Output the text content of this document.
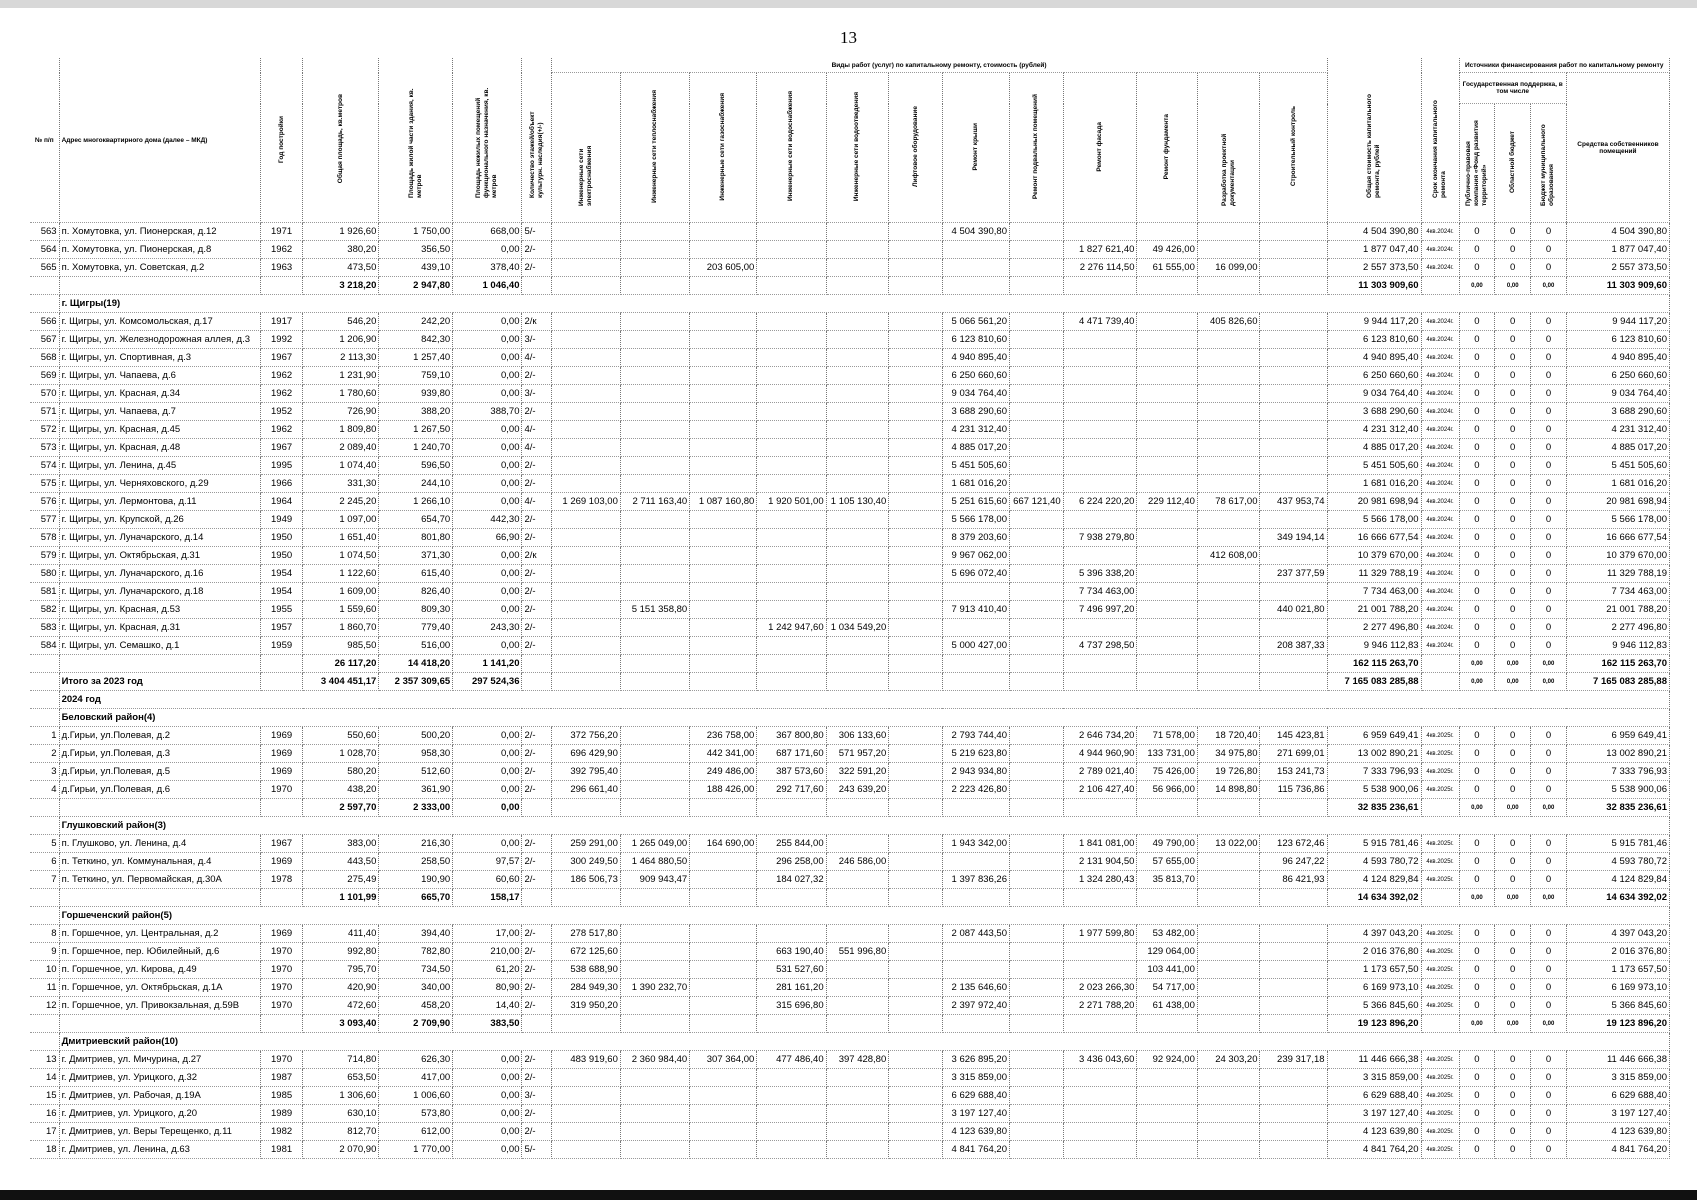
13
№ п/п	Адрес многоквартирного дома (далее – МКД)	Год постройки	Общая площадь, кв.метров	Площадь жилой части здания, кв. метров	Площадь нежилых помещений функционального назначения, кв. метров	Количество этажей/объект культурн. наследия(+/-)	Виды работ (услуг) по капитальному ремонту, стоимость (рублей)												Общая стоимость капитального ремонта, рублей	Срок окончания капитального ремонта	Источники финансирования работ по капитальному ремонту			
							Инженерные сети электроснабжения	Инженерные сети теплоснабжения	Инженерные сети газоснабжения	Инженерные сети водоснабжения	Инженерные сети водоотведения	Лифтовое оборудование	Ремонт крыши	Ремонт подвальных помещений	Ремонт фасада	Ремонт фундамента	Разработка проектной документации	Строительный контроль			Государственная поддержка, в том числе			Средства собственников помещений
																					Публично-правовая компания «Фонд развития территорий»	Областной бюджет	Бюджет муниципального образования	
563	п. Хомутовка, ул. Пионерская, д.12	1971	1 926,60	1 750,00	668,00	5/-							4 504 390,80						4 504 390,80	4кв.2024г.	0	0	0	4 504 390,80
564	п. Хомутовка, ул. Пионерская, д.8	1962	380,20	356,50	0,00	2/-									1 827 621,40	49 426,00			1 877 047,40	4кв.2024г.	0	0	0	1 877 047,40
565	п. Хомутовка, ул. Советская, д.2	1963	473,50	439,10	378,40	2/-			203 605,00						2 276 114,50	61 555,00	16 099,00		2 557 373,50	4кв.2024г.	0	0	0	2 557 373,50
			3 218,20	2 947,80	1 046,40														11 303 909,60		0,00	0,00	0,00	11 303 909,60
	г. Щигры(19)																							
566	г. Щигры, ул. Комсомольская, д.17	1917	546,20	242,20	0,00	2/к							5 066 561,20		4 471 739,40		405 826,60		9 944 117,20	4кв.2024г.	0	0	0	9 944 117,20
567	г. Щигры, ул. Железнодорожная аллея, д.3	1992	1 206,90	842,30	0,00	3/-							6 123 810,60						6 123 810,60	4кв.2024г.	0	0	0	6 123 810,60
568	г. Щигры, ул. Спортивная, д.3	1967	2 113,30	1 257,40	0,00	4/-							4 940 895,40						4 940 895,40	4кв.2024г.	0	0	0	4 940 895,40
569	г. Щигры, ул. Чапаева, д.6	1962	1 231,90	759,10	0,00	2/-							6 250 660,60						6 250 660,60	4кв.2024г.	0	0	0	6 250 660,60
570	г. Щигры, ул. Красная, д.34	1962	1 780,60	939,80	0,00	3/-							9 034 764,40						9 034 764,40	4кв.2024г.	0	0	0	9 034 764,40
571	г. Щигры, ул. Чапаева, д.7	1952	726,90	388,20	388,70	2/-							3 688 290,60						3 688 290,60	4кв.2024г.	0	0	0	3 688 290,60
572	г. Щигры, ул. Красная, д.45	1962	1 809,80	1 267,50	0,00	4/-							4 231 312,40						4 231 312,40	4кв.2024г.	0	0	0	4 231 312,40
573	г. Щигры, ул. Красная, д.48	1967	2 089,40	1 240,70	0,00	4/-							4 885 017,20						4 885 017,20	4кв.2024г.	0	0	0	4 885 017,20
574	г. Щигры, ул. Ленина, д.45	1995	1 074,40	596,50	0,00	2/-							5 451 505,60						5 451 505,60	4кв.2024г.	0	0	0	5 451 505,60
575	г. Щигры, ул. Черняховского, д.29	1966	331,30	244,10	0,00	2/-							1 681 016,20						1 681 016,20	4кв.2024г.	0	0	0	1 681 016,20
576	г. Щигры, ул. Лермонтова, д.11	1964	2 245,20	1 266,10	0,00	4/-	1 269 103,00	2 711 163,40	1 087 160,80	1 920 501,00	1 105 130,40		5 251 615,60	667 121,40	6 224 220,20	229 112,40	78 617,00	437 953,74	20 981 698,94	4кв.2024г.	0	0	0	20 981 698,94
577	г. Щигры, ул. Крупской, д.26	1949	1 097,00	654,70	442,30	2/-							5 566 178,00						5 566 178,00	4кв.2024г.	0	0	0	5 566 178,00
578	г. Щигры, ул. Луначарского, д.14	1950	1 651,40	801,80	66,90	2/-							8 379 203,60		7 938 279,80			349 194,14	16 666 677,54	4кв.2024г.	0	0	0	16 666 677,54
579	г. Щигры, ул. Октябрьская, д.31	1950	1 074,50	371,30	0,00	2/к							9 967 062,00				412 608,00		10 379 670,00	4кв.2024г.	0	0	0	10 379 670,00
580	г. Щигры, ул. Луначарского, д.16	1954	1 122,60	615,40	0,00	2/-							5 696 072,40		5 396 338,20			237 377,59	11 329 788,19	4кв.2024г.	0	0	0	11 329 788,19
581	г. Щигры, ул. Луначарского, д.18	1954	1 609,00	826,40	0,00	2/-									7 734 463,00				7 734 463,00	4кв.2024г.	0	0	0	7 734 463,00
582	г. Щигры, ул. Красная, д.53	1955	1 559,60	809,30	0,00	2/-		5 151 358,80					7 913 410,40		7 496 997,20			440 021,80	21 001 788,20	4кв.2024г.	0	0	0	21 001 788,20
583	г. Щигры, ул. Красная, д.31	1957	1 860,70	779,40	243,30	2/-				1 242 947,60	1 034 549,20								2 277 496,80	4кв.2024г.	0	0	0	2 277 496,80
584	г. Щигры, ул. Семашко, д.1	1959	985,50	516,00	0,00	2/-							5 000 427,00		4 737 298,50			208 387,33	9 946 112,83	4кв.2024г.	0	0	0	9 946 112,83
			26 117,20	14 418,20	1 141,20														162 115 263,70		0,00	0,00	0,00	162 115 263,70
	Итого за 2023 год		3 404 451,17	2 357 309,65	297 524,36														7 165 083 285,88		0,00	0,00	0,00	7 165 083 285,88
	2024 год																							
	Беловский район(4)																							
1	д.Гирьи, ул.Полевая, д.2	1969	550,60	500,20	0,00	2/-	372 756,20		236 758,00	367 800,80	306 133,60		2 793 744,40		2 646 734,20	71 578,00	18 720,40	145 423,81	6 959 649,41	4кв.2025г.	0	0	0	6 959 649,41
2	д.Гирьи, ул.Полевая, д.3	1969	1 028,70	958,30	0,00	2/-	696 429,90		442 341,00	687 171,60	571 957,20		5 219 623,80		4 944 960,90	133 731,00	34 975,80	271 699,01	13 002 890,21	4кв.2025г.	0	0	0	13 002 890,21
3	д.Гирьи, ул.Полевая, д.5	1969	580,20	512,60	0,00	2/-	392 795,40		249 486,00	387 573,60	322 591,20		2 943 934,80		2 789 021,40	75 426,00	19 726,80	153 241,73	7 333 796,93	4кв.2025г.	0	0	0	7 333 796,93
4	д.Гирьи, ул.Полевая, д.6	1970	438,20	361,90	0,00	2/-	296 661,40		188 426,00	292 717,60	243 639,20		2 223 426,80		2 106 427,40	56 966,00	14 898,80	115 736,86	5 538 900,06	4кв.2025г.	0	0	0	5 538 900,06
			2 597,70	2 333,00	0,00														32 835 236,61		0,00	0,00	0,00	32 835 236,61
	Глушковский район(3)																							
5	п. Глушково, ул. Ленина, д.4	1967	383,00	216,30	0,00	2/-	259 291,00	1 265 049,00	164 690,00	255 844,00			1 943 342,00		1 841 081,00	49 790,00	13 022,00	123 672,46	5 915 781,46	4кв.2025г.	0	0	0	5 915 781,46
6	п. Теткино, ул. Коммунальная, д.4	1969	443,50	258,50	97,57	2/-	300 249,50	1 464 880,50		296 258,00	246 586,00				2 131 904,50	57 655,00		96 247,22	4 593 780,72	4кв.2025г.	0	0	0	4 593 780,72
7	п. Теткино, ул. Первомайская, д.30А	1978	275,49	190,90	60,60	2/-	186 506,73	909 943,47		184 027,32			1 397 836,26		1 324 280,43	35 813,70		86 421,93	4 124 829,84	4кв.2025г.	0	0	0	4 124 829,84
			1 101,99	665,70	158,17														14 634 392,02		0,00	0,00	0,00	14 634 392,02
	Горшеченский район(5)																							
8	п. Горшечное, ул. Центральная, д.2	1969	411,40	394,40	17,00	2/-	278 517,80						2 087 443,50		1 977 599,80	53 482,00			4 397 043,20	4кв.2025г.	0	0	0	4 397 043,20
9	п. Горшечное, пер. Юбилейный, д.6	1970	992,80	782,80	210,00	2/-	672 125,60			663 190,40	551 996,80					129 064,00			2 016 376,80	4кв.2025г.	0	0	0	2 016 376,80
10	п. Горшечное, ул. Кирова, д.49	1970	795,70	734,50	61,20	2/-	538 688,90			531 527,60						103 441,00			1 173 657,50	4кв.2025г.	0	0	0	1 173 657,50
11	п. Горшечное, ул. Октябрьская, д.1А	1970	420,90	340,00	80,90	2/-	284 949,30	1 390 232,70		281 161,20			2 135 646,60		2 023 266,30	54 717,00			6 169 973,10	4кв.2025г.	0	0	0	6 169 973,10
12	п. Горшечное, ул. Привокзальная, д.59В	1970	472,60	458,20	14,40	2/-	319 950,20			315 696,80			2 397 972,40		2 271 788,20	61 438,00			5 366 845,60	4кв.2025г.	0	0	0	5 366 845,60
			3 093,40	2 709,90	383,50														19 123 896,20		0,00	0,00	0,00	19 123 896,20
	Дмитриевский район(10)																							
13	г. Дмитриев, ул. Мичурина, д.27	1970	714,80	626,30	0,00	2/-	483 919,60	2 360 984,40	307 364,00	477 486,40	397 428,80		3 626 895,20		3 436 043,60	92 924,00	24 303,20	239 317,18	11 446 666,38	4кв.2025г.	0	0	0	11 446 666,38
14	г. Дмитриев, ул. Урицкого, д.32	1987	653,50	417,00	0,00	2/-							3 315 859,00						3 315 859,00	4кв.2025г.	0	0	0	3 315 859,00
15	г. Дмитриев, ул. Рабочая, д.19А	1985	1 306,60	1 006,60	0,00	3/-							6 629 688,40						6 629 688,40	4кв.2025г.	0	0	0	6 629 688,40
16	г. Дмитриев, ул. Урицкого, д.20	1989	630,10	573,80	0,00	2/-							3 197 127,40						3 197 127,40	4кв.2025г.	0	0	0	3 197 127,40
17	г. Дмитриев, ул. Веры Терещенко, д.11	1982	812,70	612,00	0,00	2/-							4 123 639,80						4 123 639,80	4кв.2025г.	0	0	0	4 123 639,80
18	г. Дмитриев, ул. Ленина, д.63	1981	2 070,90	1 770,00	0,00	5/-							4 841 764,20						4 841 764,20	4кв.2025г.	0	0	0	4 841 764,20
